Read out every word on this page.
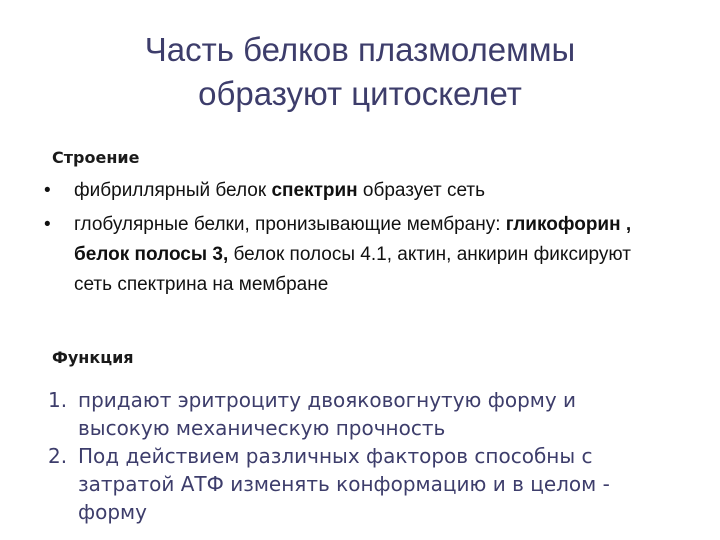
Часть белков плазмолеммы
образуют цитоскелет
Строение
• фибриллярный белок спектрин образует сеть
• глобулярные белки, пронизывающие мембрану: гликофорин , белок полосы 3, белок полосы 4.1, актин, анкирин фиксируют сеть спектрина на мембране
Функция
1. придают эритроциту двояковогнутую форму и высокую механическую прочность
2. Под действием различных факторов способны с затратой АТФ изменять конформацию и в целом - форму
